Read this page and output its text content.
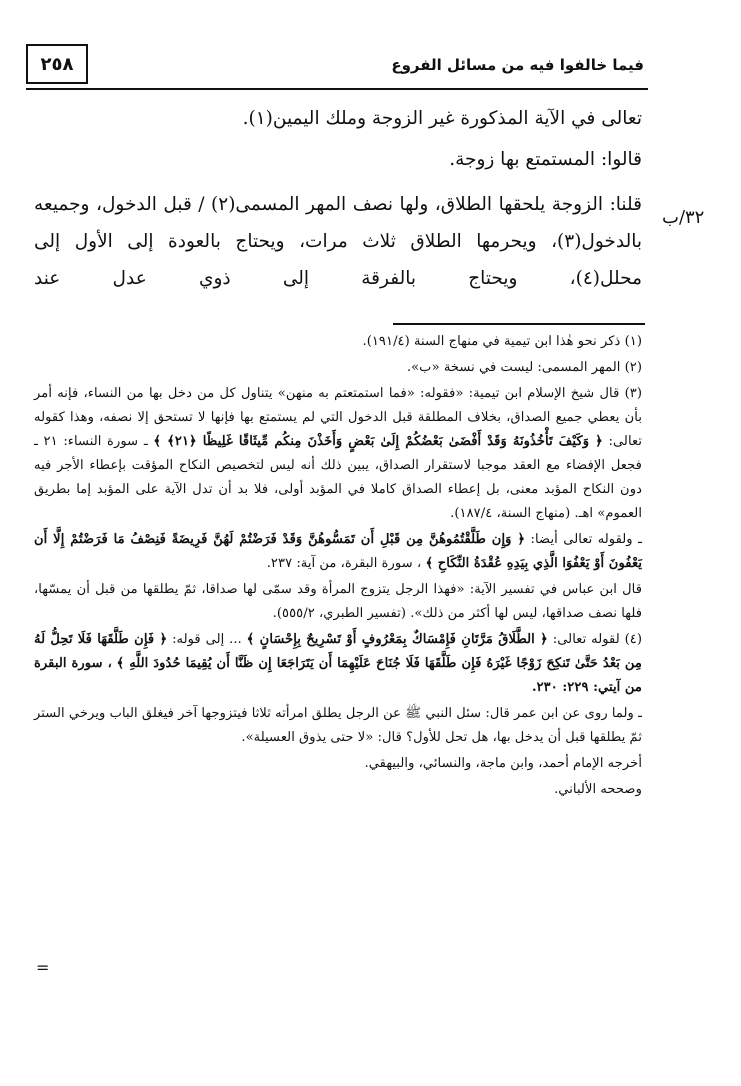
٢٥٨	فيما خالفوا فيه من مسائل الفروع
٣٢/ب

تعالى في الآية المذكورة غير الزوجة وملك اليمين(١).

قالوا: المستمتع بها زوجة.

قلنا: الزوجة يلحقها الطلاق، ولها نصف المهر المسمى(٢) / قبل الدخول، وجميعه بالدخول(٣)، ويحرمها الطلاق ثلاث مرات، ويحتاج بالعودة إلى الأول إلى محلل(٤)، ويحتاج بالفرقة إلى ذوي عدل عند

(١) ذكر نحو هٰذا ابن تيمية في منهاج السنة (١٩١/٤).

(٢) المهر المسمى: ليست في نسخة «ب».

(٣) قال شيخ الإسلام ابن تيمية: «فقوله: «فما استمتعتم به منهن» يتناول كل من دخل بها من النساء، فإنه أمر بأن يعطي جميع الصداق، بخلاف المطلقة قبل الدخول التي لم يستمتع بها فإنها لا تستحق إلا نصفه، وهذا كقوله تعالى: ﴿ وَكَيْفَ تَأْخُذُونَهُ وَقَدْ أَفْضَىٰ بَعْضُكُمْ إِلَىٰ بَعْضٍ وَأَخَذْنَ مِنكُم مِّيثَاقًا غَلِيظًا ﴿٢١﴾ ﴾ ـ سورة النساء: ٢١ ـ فجعل الإفضاء مع العقد موجبا لاستقرار الصداق، يبين ذلك أنه ليس لتخصيص النكاح المؤقت بإعطاء الأجر فيه دون النكاح المؤبد معنى، بل إعطاء الصداق كاملا في المؤبد أولى، فلا بد أن تدل الآية على المؤبد إما بطريق العموم» اهـ. (منهاج السنة، ١٨٧/٤).

ـ ولقوله تعالى أيضا: ﴿ وَإِن طَلَّقْتُمُوهُنَّ مِن قَبْلِ أَن تَمَسُّوهُنَّ وَقَدْ فَرَضْتُمْ لَهُنَّ فَرِيضَةً فَنِصْفُ مَا فَرَضْتُمْ إِلَّا أَن يَعْفُونَ أَوْ يَعْفُوَا الَّذِي بِيَدِهِ عُقْدَةُ النِّكَاحِ ﴾ ، سورة البقرة، من آية: ٢٣٧.

قال ابن عباس في تفسير الآية: «فهذا الرجل يتزوج المرأة وقد سمّى لها صداقا، ثمّ يطلقها من قبل أن يمسّها، فلها نصف صداقها، ليس لها أكثر من ذلك». (تفسير الطبري، ٥٥٥/٢).

(٤) لقوله تعالى: ﴿ الطَّلَاقُ مَرَّتَانِ فَإِمْسَاكٌ بِمَعْرُوفٍ أَوْ تَسْرِيحٌ بِإِحْسَانٍ ﴾ ... إلى قوله: ﴿ فَإِن طَلَّقَهَا فَلَا تَحِلُّ لَهُ مِن بَعْدُ حَتَّىٰ تَنكِحَ زَوْجًا غَيْرَهُ فَإِن طَلَّقَهَا فَلَا جُنَاحَ عَلَيْهِمَا أَن يَتَرَاجَعَا إِن ظَنَّا أَن يُقِيمَا حُدُودَ اللَّهِ ﴾ ، سورة البقرة من آيتي: ٢٢٩: ٢٣٠.

ـ ولما روى عن ابن عمر قال: سئل النبي ﷺ عن الرجل يطلق امرأته ثلاثا فيتزوجها آخر فيغلق الباب ويرخي الستر ثمّ يطلقها قبل أن يدخل بها، هل تحل للأول؟ قال: «لا حتى يذوق العسيلة».

أخرجه الإمام أحمد، وابن ماجة، والنسائي، والبيهقي.

وصححه الألباني.

=
